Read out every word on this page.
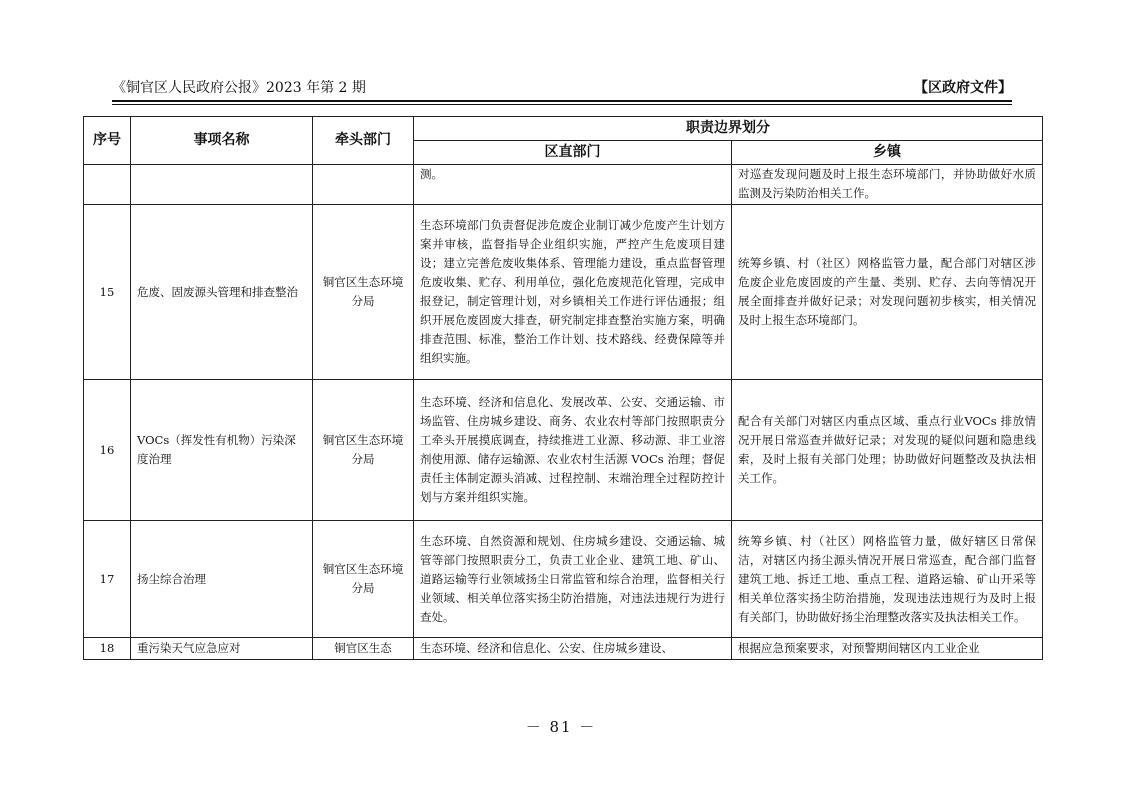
《铜官区人民政府公报》2023 年第 2 期	【区政府文件】
序号	事项名称	牵头部门	职责边界划分	
			区直部门	乡镇
			测。	对巡查发现问题及时上报生态环境部门，并协助做好水质监测及污染防治相关工作。
15	危废、固废源头管理和排查整治	铜官区生态环境分局	生态环境部门负责督促涉危废企业制订减少危废产生计划方案并审核，监督指导企业组织实施，严控产生危废项目建设；建立完善危废收集体系、管理能力建设，重点监督管理危废收集、贮存、利用单位，强化危废规范化管理，完成申报登记，制定管理计划，对乡镇相关工作进行评估通报；组织开展危废固废大排查，研究制定排查整治实施方案，明确排查范围、标准，整治工作计划、技术路线、经费保障等并组织实施。	统筹乡镇、村（社区）网格监管力量，配合部门对辖区涉危废企业危废固废的产生量、类别、贮存、去向等情况开展全面排查并做好记录；对发现问题初步核实，相关情况及时上报生态环境部门。
16	VOCs（挥发性有机物）污染深度治理	铜官区生态环境分局	生态环境、经济和信息化、发展改革、公安、交通运输、市场监管、住房城乡建设、商务、农业农村等部门按照职责分工牵头开展摸底调查，持续推进工业源、移动源、非工业溶剂使用源、储存运输源、农业农村生活源 VOCs 治理；督促责任主体制定源头消减、过程控制、末端治理全过程防控计划与方案并组织实施。	配合有关部门对辖区内重点区域、重点行业VOCs 排放情况开展日常巡查并做好记录；对发现的疑似问题和隐患线索，及时上报有关部门处理；协助做好问题整改及执法相关工作。
17	扬尘综合治理	铜官区生态环境分局	生态环境、自然资源和规划、住房城乡建设、交通运输、城管等部门按照职责分工，负责工业企业、建筑工地、矿山、道路运输等行业领域扬尘日常监管和综合治理，监督相关行业领域、相关单位落实扬尘防治措施，对违法违规行为进行查处。	统筹乡镇、村（社区）网格监管力量，做好辖区日常保洁，对辖区内扬尘源头情况开展日常巡查，配合部门监督建筑工地、拆迁工地、重点工程、道路运输、矿山开采等相关单位落实扬尘防治措施，发现违法违规行为及时上报有关部门，协助做好扬尘治理整改落实及执法相关工作。
18	重污染天气应急应对	铜官区生态	生态环境、经济和信息化、公安、住房城乡建设、	根据应急预案要求，对预警期间辖区内工业企业
－ 81 －
